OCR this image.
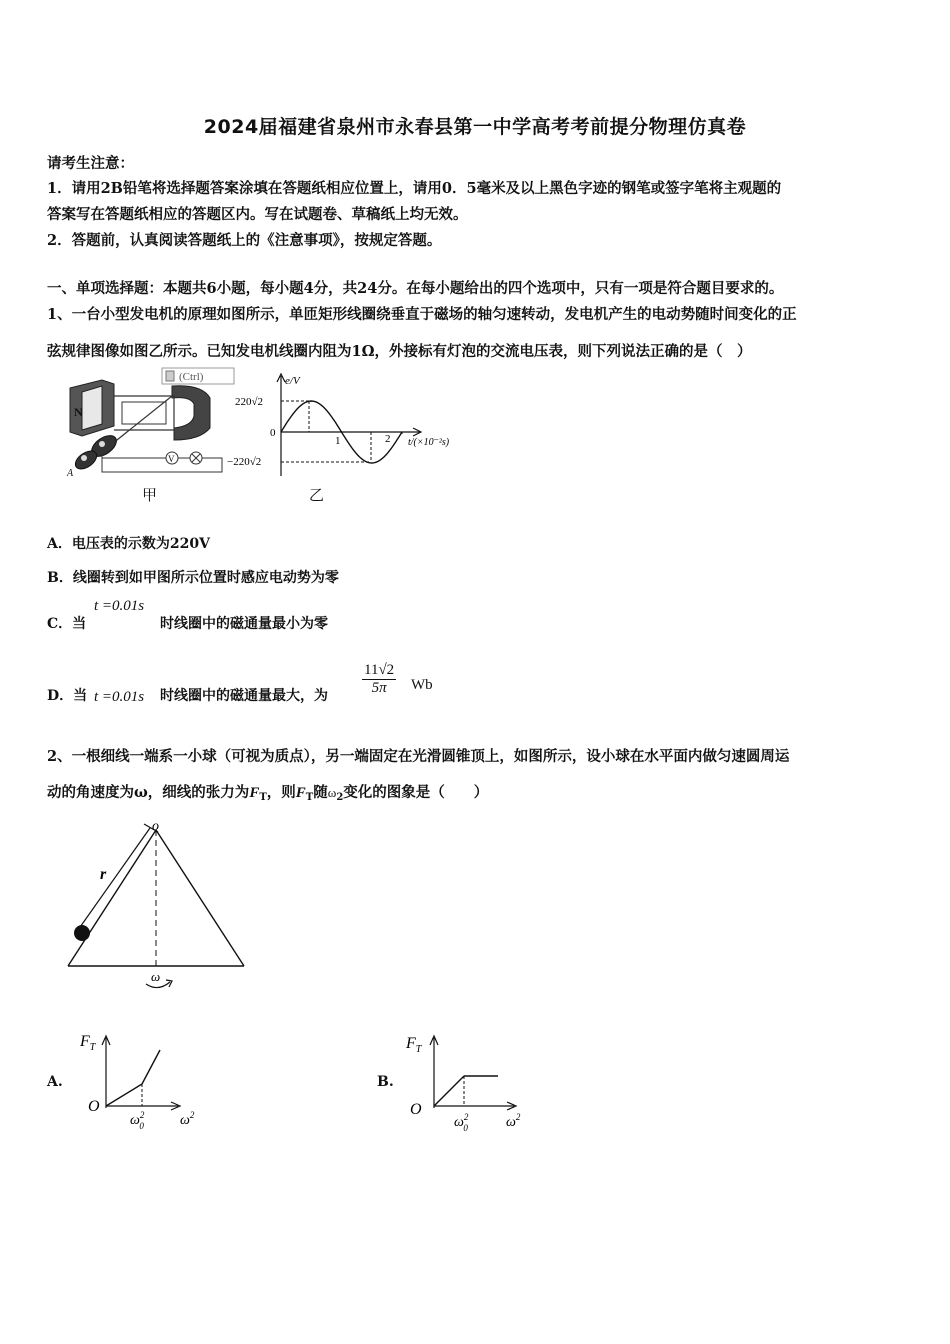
2024届福建省泉州市永春县第一中学高考考前提分物理仿真卷
请考生注意：
1．请用2B铅笔将选择题答案涂填在答题纸相应位置上，请用0．5毫米及以上黑色字迹的钢笔或签字笔将主观题的
答案写在答题纸相应的答题区内。写在试题卷、草稿纸上均无效。
2．答题前，认真阅读答题纸上的《注意事项》，按规定答题。
一、单项选择题：本题共6小题，每小题4分，共24分。在每小题给出的四个选项中，只有一项是符合题目要求的。
1、一台小型发电机的原理如图所示，单匝矩形线圈绕垂直于磁场的轴匀速转动，发电机产生的电动势随时间变化的正
弦规律图像如图乙所示。已知发电机线圈内阻为1Ω，外接标有灯泡的交流电压表，则下列说法正确的是（　）
(Ctrl)
N
V
A
甲
e/V
220√2
0
−220√2
t/(×10⁻²s)
1	2
乙
A．电压表的示数为220V
B．线圈转到如甲图所示位置时感应电动势为零
C．当
t =0.01s
时线圈中的磁通量最小为零
D．当 t =0.01s 时线圈中的磁通量最大，为 $\frac{11√2}{5\pi}$ Wb
2、一根细线一端系一小球（可视为质点），另一端固定在光滑圆锥顶上，如图所示，设小球在水平面内做匀速圆周运
动的角速度为ω，细线的张力为$F_T$，则$F_T$随$\omega_2$变化的图象是（　　）
o
r
ω
A.
$F_T$
O
$\omega^2$ 0	$\omega^2$
B.
$F_T$
O
$\omega^2$ 0	$\omega^2$
